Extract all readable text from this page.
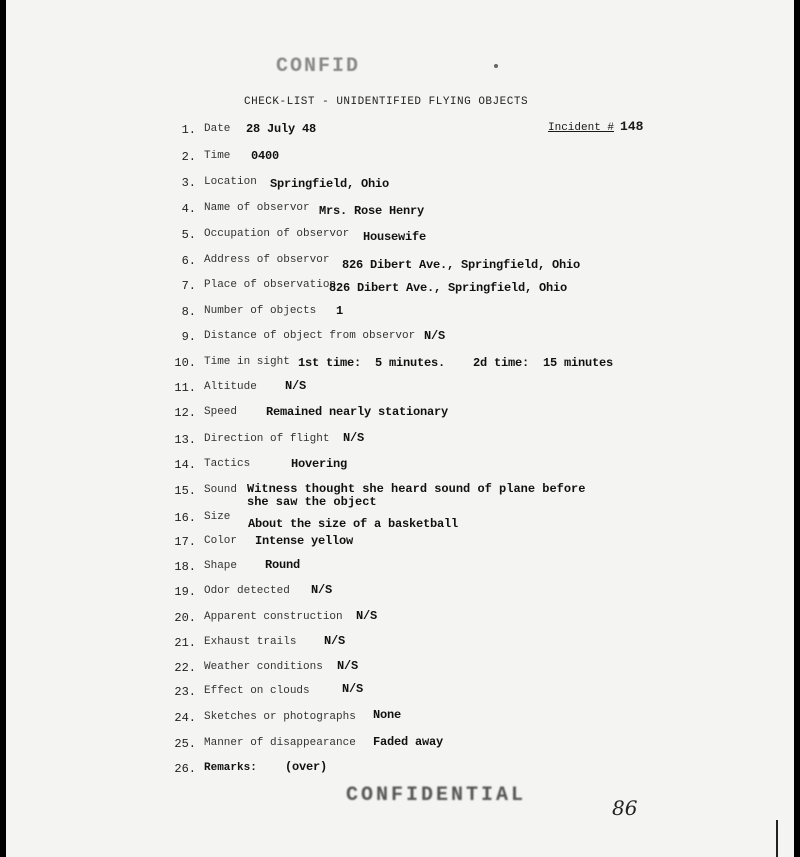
CONFID
CHECK-LIST - UNIDENTIFIED FLYING OBJECTS
Incident # 148
1. Date 28 July 48
2. Time 0400
3. Location Springfield, Ohio
4. Name of observor Mrs. Rose Henry
5. Occupation of observor Housewife
6. Address of observor 826 Dibert Ave., Springfield, Ohio
7. Place of observation
826 Dibert Ave., Springfield, Ohio
8. Number of objects 1
9. Distance of object from observor N/S
10. Time in sight 1st time:  5 minutes.    2d time:  15 minutes
11. Altitude N/S
12. Speed Remained nearly stationary
13. Direction of flight N/S
14. Tactics	Hovering
15. Sound Witness thought she heard sound of plane before she saw the object
16. Size About the size of a basketball
17. Color Intense yellow
18. Shape Round
19. Odor detected N/S
20. Apparent construction N/S
21. Exhaust trails N/S
22. Weather conditions N/S
23. Effect on clouds	N/S
24. Sketches or photographs None
25. Manner of disappearance Faded away
26. Remarks: (over)
CONFIDENTIAL
86
